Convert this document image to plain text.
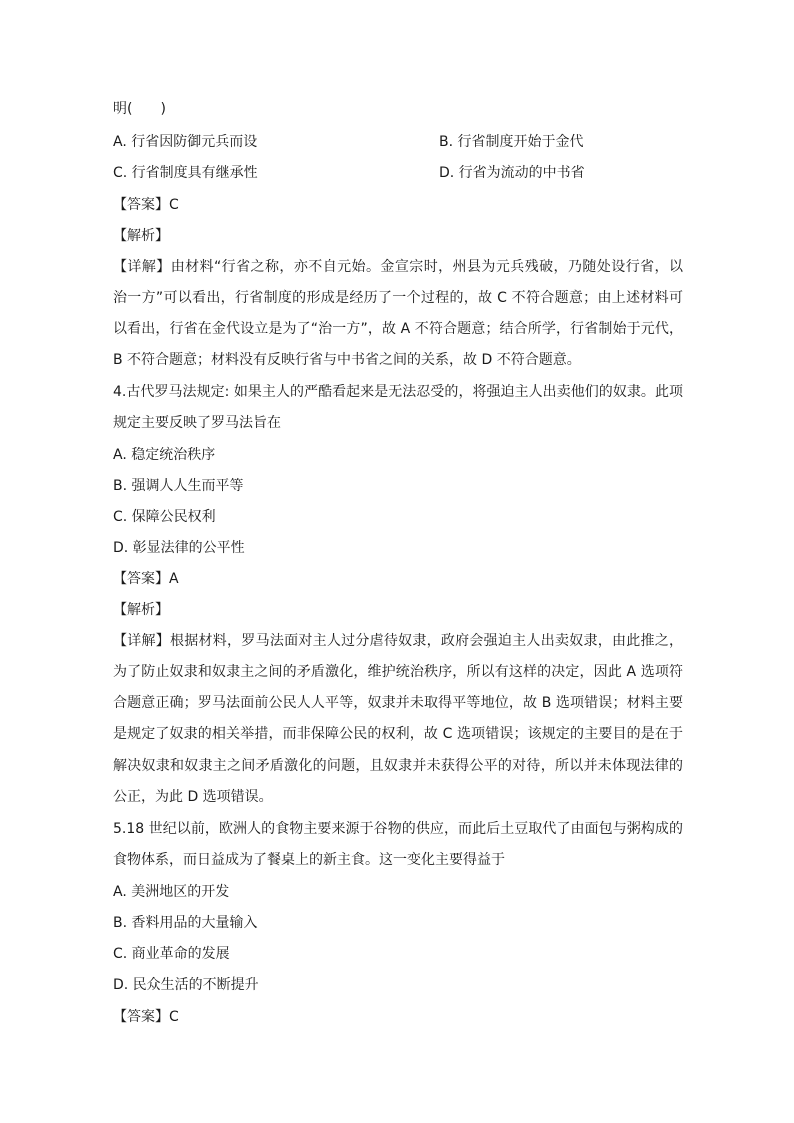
明(　　)
A. 行省因防御元兵而设	B. 行省制度开始于金代
C. 行省制度具有继承性	D. 行省为流动的中书省
【答案】C
【解析】
【详解】由材料“行省之称，亦不自元始。金宣宗时，州县为元兵残破，乃随处设行省，以
治一方”可以看出，行省制度的形成是经历了一个过程的，故 C 不符合题意；由上述材料可
以看出，行省在金代设立是为了“治一方”，故 A 不符合题意；结合所学，行省制始于元代，
B 不符合题意；材料没有反映行省与中书省之间的关系，故 D 不符合题意。
4.古代罗马法规定: 如果主人的严酷看起来是无法忍受的，将强迫主人出卖他们的奴隶。此项
规定主要反映了罗马法旨在
A. 稳定统治秩序
B. 强调人人生而平等
C. 保障公民权利
D. 彰显法律的公平性
【答案】A
【解析】
【详解】根据材料，罗马法面对主人过分虐待奴隶，政府会强迫主人出卖奴隶，由此推之，
为了防止奴隶和奴隶主之间的矛盾激化，维护统治秩序，所以有这样的决定，因此 A 选项符
合题意正确；罗马法面前公民人人平等，奴隶并未取得平等地位，故 B 选项错误；材料主要
是规定了奴隶的相关举措，而非保障公民的权利，故 C 选项错误；该规定的主要目的是在于
解决奴隶和奴隶主之间矛盾激化的问题，且奴隶并未获得公平的对待，所以并未体现法律的
公正，为此 D 选项错误。
5.18 世纪以前，欧洲人的食物主要来源于谷物的供应，而此后土豆取代了由面包与粥构成的
食物体系，而日益成为了餐桌上的新主食。这一变化主要得益于
A. 美洲地区的开发
B. 香料用品的大量输入
C. 商业革命的发展
D. 民众生活的不断提升
【答案】C
